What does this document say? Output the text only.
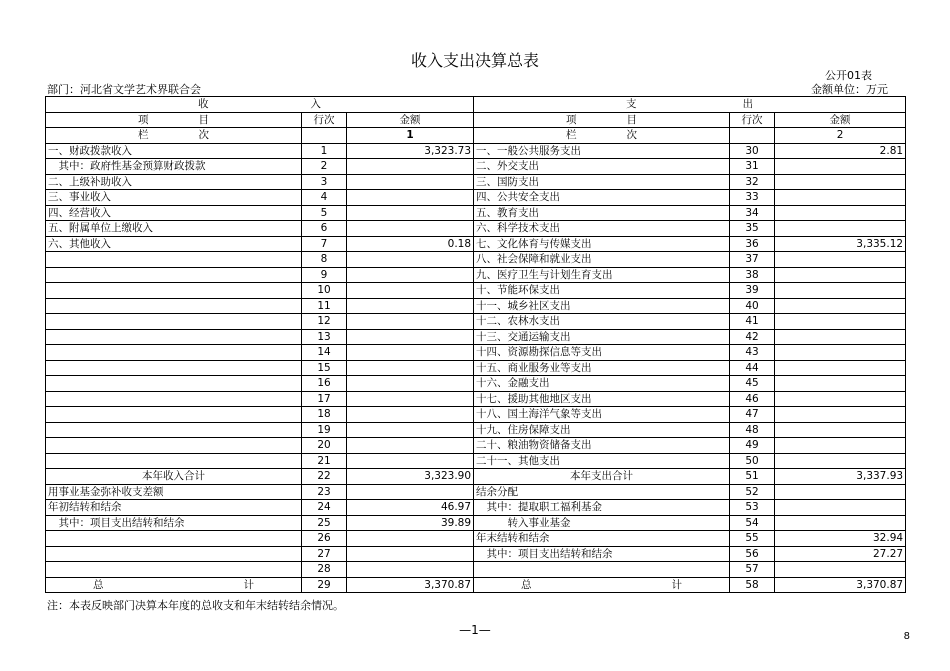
收入支出决算总表
公开01表
部门：河北省文学艺术界联合会	金额单位：万元
收 入			支 出		

项 目	行次	金额	项 目	行次	金额

栏 次		1	栏 次		2
一、财政拨款收入	1	3,323.73	一、一般公共服务支出	30	2.81
　其中：政府性基金预算财政拨款	2		二、外交支出	31	
二、上级补助收入	3		三、国防支出	32	
三、事业收入	4		四、公共安全支出	33	
四、经营收入	5		五、教育支出	34	
五、附属单位上缴收入	6		六、科学技术支出	35	
六、其他收入	7	0.18	七、文化体育与传媒支出	36	3,335.12
	8		八、社会保障和就业支出	37	
	9		九、医疗卫生与计划生育支出	38	
	10		十、节能环保支出	39	
	11		十一、城乡社区支出	40	
	12		十二、农林水支出	41	
	13		十三、交通运输支出	42	
	14		十四、资源勘探信息等支出	43	
	15		十五、商业服务业等支出	44	
	16		十六、金融支出	45	
	17		十七、援助其他地区支出	46	
	18		十八、国土海洋气象等支出	47	
	19		十九、住房保障支出	48	
	20		二十、粮油物资储备支出	49	
	21		二十一、其他支出	50	
本年收入合计	22	3,323.90	本年支出合计	51	3,337.93
用事业基金弥补收支差额	23		结余分配	52	
年初结转和结余	24	46.97	　其中：提取职工福利基金	53	
　其中：项目支出结转和结余	25	39.89	　　　转入事业基金	54	
	26		年末结转和结余	55	32.94
	27		　其中：项目支出结转和结余	56	27.27
	28			57	

总 计	29	3,370.87	总 计	58	3,370.87
注：本表反映部门决算本年度的总收支和年末结转结余情况。
—1—	8
